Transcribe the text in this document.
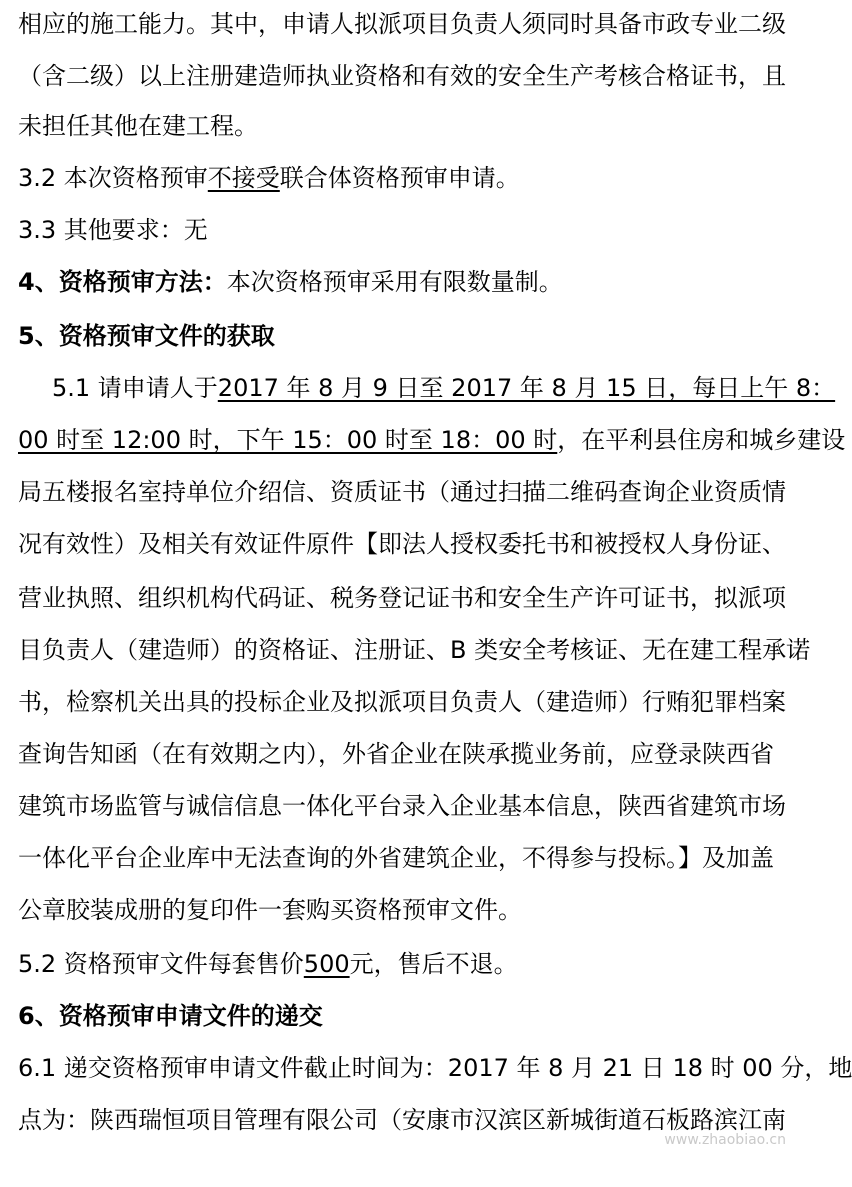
相应的施工能力。其中，申请人拟派项目负责人须同时具备市政专业二级
（含二级）以上注册建造师执业资格和有效的安全生产考核合格证书，且
未担任其他在建工程。
3.2 本次资格预审不接受联合体资格预审申请。
3.3 其他要求：无
4、资格预审方法：本次资格预审采用有限数量制。
5、资格预审文件的获取
5.1 请申请人于2017 年 8 月 9 日至 2017 年 8 月 15 日，每日上午 8：
00 时至 12:00 时，下午 15：00 时至 18：00 时，在平利县住房和城乡建设
局五楼报名室持单位介绍信、资质证书（通过扫描二维码查询企业资质情
况有效性）及相关有效证件原件【即法人授权委托书和被授权人身份证、
营业执照、组织机构代码证、税务登记证书和安全生产许可证书，拟派项
目负责人（建造师）的资格证、注册证、B 类安全考核证、无在建工程承诺
书，检察机关出具的投标企业及拟派项目负责人（建造师）行贿犯罪档案
查询告知函（在有效期之内），外省企业在陕承揽业务前，应登录陕西省
建筑市场监管与诚信信息一体化平台录入企业基本信息，陕西省建筑市场
一体化平台企业库中无法查询的外省建筑企业，不得参与投标。】及加盖
公章胶装成册的复印件一套购买资格预审文件。
5.2 资格预审文件每套售价500元，售后不退。
6、资格预审申请文件的递交
6.1 递交资格预审申请文件截止时间为：2017 年 8 月 21 日 18 时 00 分，地
点为：陕西瑞恒项目管理有限公司（安康市汉滨区新城街道石板路滨江南
www.zhaobiao.cn
